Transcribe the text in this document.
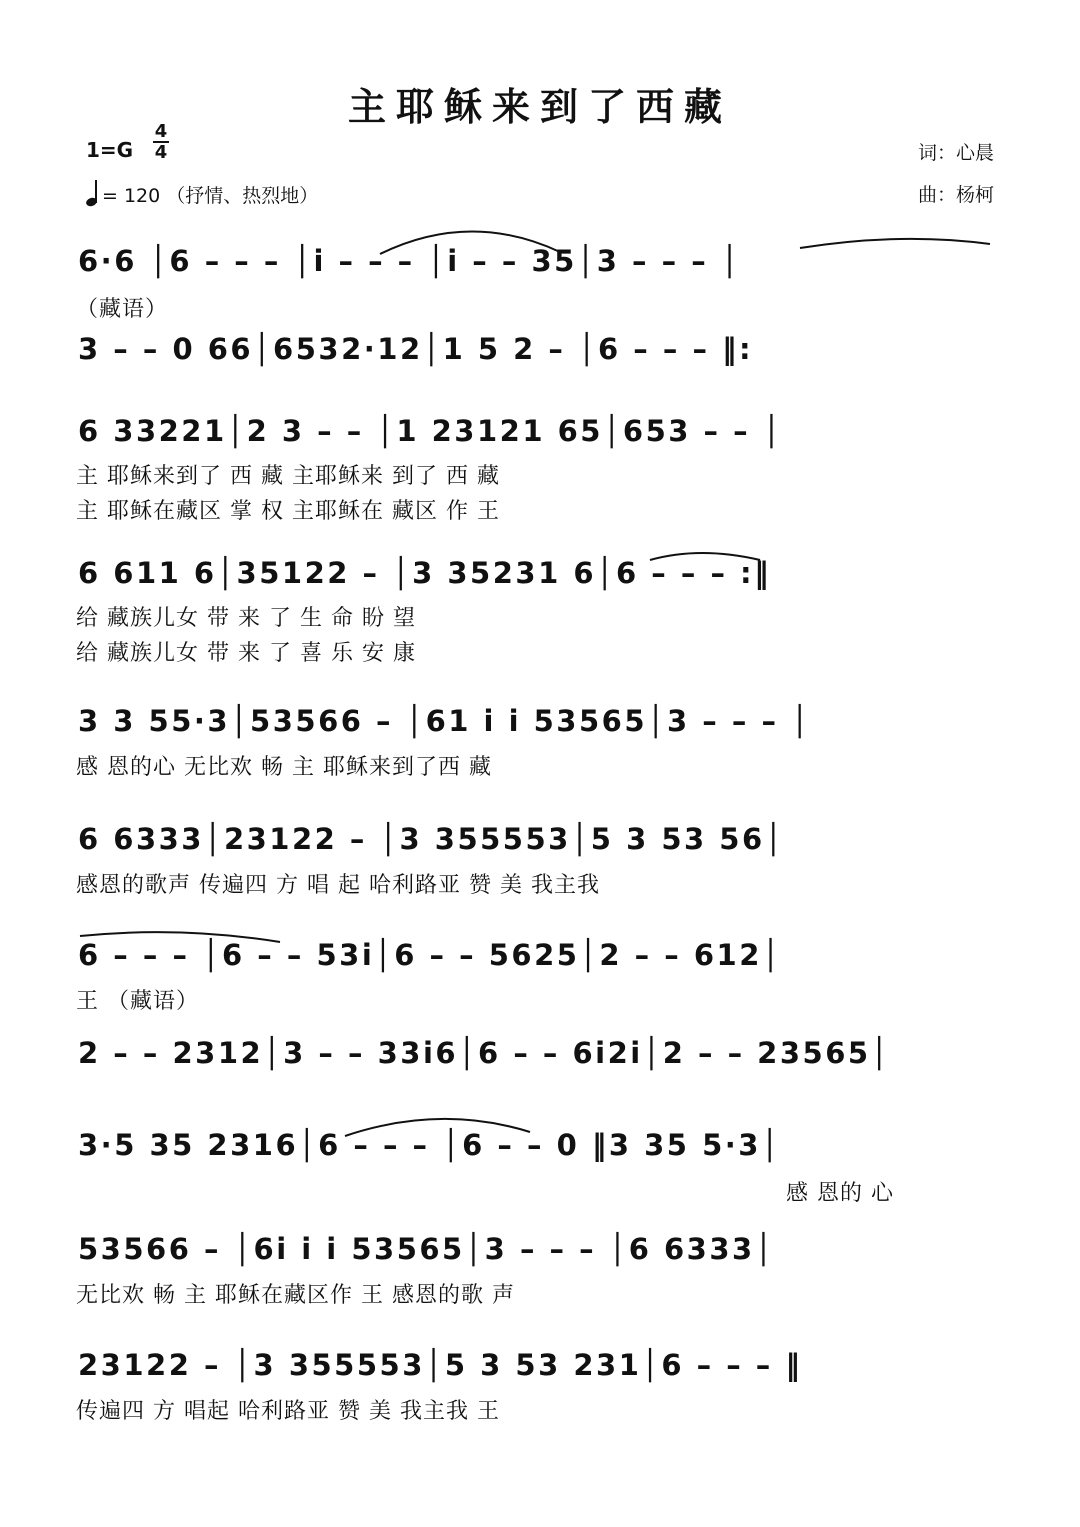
主耶稣来到了西藏
1=G
4
4
= 120 （抒情、热烈地）
词：心晨
曲：杨柯
6·6 │6 – – – │i – – – │i – – 35│3 – – – │
（藏语）
3 – – 0 66│6532·12│1 5 2 – │6 – – – ‖:
6 33221│2 3 – – │1 23121 65│653 – – │
主 耶稣来到了 西 藏 主耶稣来 到了 西 藏
主 耶稣在藏区 掌 权 主耶稣在 藏区 作 王
6 611 6│35122 – │3 35231 6│6 – – – :‖
给 藏族儿女 带 来 了 生 命 盼 望
给 藏族儿女 带 来 了 喜 乐 安 康
3 3 55·3│53566 – │61 i i 53565│3 – – – │
感 恩的心 无比欢 畅 主 耶稣来到了西 藏
6 6333│23122 – │3 355553│5 3 53 56│
感恩的歌声 传遍四 方 唱 起 哈利路亚 赞 美 我主我
6 – – – │6 – – 53i│6 – – 5625│2 – – 612│
王 （藏语）
2 – – 2312│3 – – 33i6│6 – – 6i2i│2 – – 23565│
3·5 35 2316│6 – – – │6 – – 0 ‖3 35 5·3│
感 恩的 心
53566 – │6i i i 53565│3 – – – │6 6333│
无比欢 畅 主 耶稣在藏区作 王 感恩的歌 声
23122 – │3 355553│5 3 53 231│6 – – – ‖
传遍四 方 唱起 哈利路亚 赞 美 我主我 王
